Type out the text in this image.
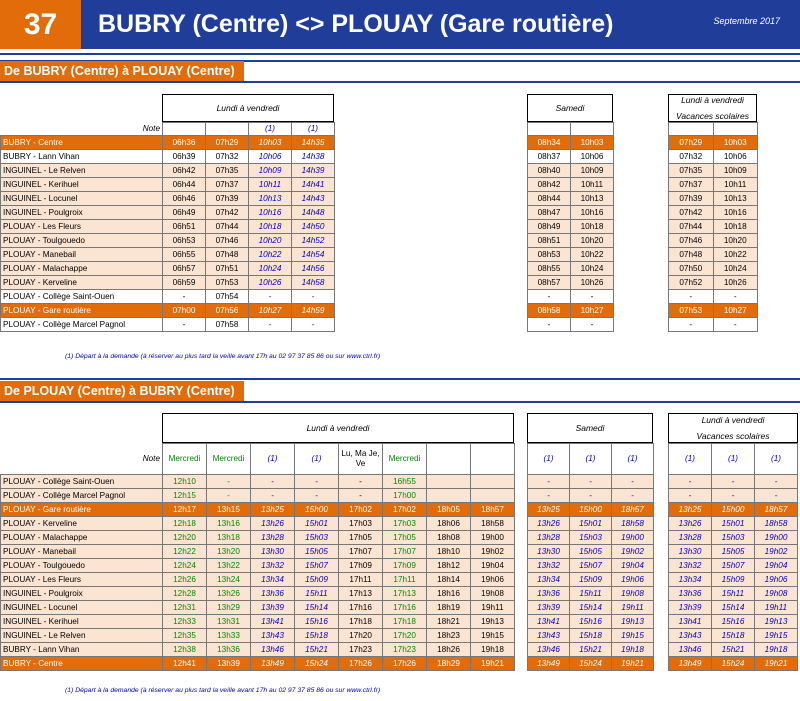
37	BUBRY (Centre) <> PLOUAY (Gare routière)	Septembre 2017
De BUBRY (Centre) à PLOUAY (Centre)
Lundi à vendredi	Samedi
Lundi à vendredi
Vacances scolaires
Note			(1)	(1)
BUBRY - Centre	06h36	07h29	10h03	14h35
BUBRY - Lann Vihan	06h39	07h32	10h06	14h38
INGUINEL - Le Relven	06h42	07h35	10h09	14h39
INGUINEL - Kerihuel	06h44	07h37	10h11	14h41
INGUINEL - Locunel	06h46	07h39	10h13	14h43
INGUINEL - Poulgroix	06h49	07h42	10h16	14h48
PLOUAY - Les Fleurs	06h51	07h44	10h18	14h50
PLOUAY - Toulgouedo	06h53	07h46	10h20	14h52
PLOUAY - Manebail	06h55	07h48	10h22	14h54
PLOUAY - Malachappe	06h57	07h51	10h24	14h56
PLOUAY - Kerveline	06h59	07h53	10h26	14h58
PLOUAY - Collège Saint-Ouen	-	07h54	-	-
PLOUAY - Gare routière	07h00	07h56	10h27	14h59
PLOUAY - Collège Marcel Pagnol	-	07h58	-	-

08h34	10h03
08h37	10h06
08h40	10h09
08h42	10h11
08h44	10h13
08h47	10h16
08h49	10h18
08h51	10h20
08h53	10h22
08h55	10h24
08h57	10h26
-	-
08h58	10h27
-	-

07h29	10h03
07h32	10h06
07h35	10h09
07h37	10h11
07h39	10h13
07h42	10h16
07h44	10h18
07h46	10h20
07h48	10h22
07h50	10h24
07h52	10h26
-	-
07h53	10h27
-	-
(1) Départ à la demande (à réserver au plus tard la veille avant 17h au 02 97 37 85 86 ou sur www.ctrl.fr)
De PLOUAY (Centre) à BUBRY (Centre)
Lundi à vendredi	Samedi
Lundi à vendredi
Vacances scolaires
Note	Mercredi	Mercredi	(1)	(1)	Lu, Ma Je, Ve	Mercredi		
PLOUAY - Collège Saint-Ouen	12h10	-	-	-	-	16h55		
PLOUAY - Collège Marcel Pagnol	12h15	-	-	-	-	17h00		
PLOUAY - Gare routière	12h17	13h15	13h25	15h00	17h02	17h02	18h05	18h57
PLOUAY - Kerveline	12h18	13h16	13h26	15h01	17h03	17h03	18h06	18h58
PLOUAY - Malachappe	12h20	13h18	13h28	15h03	17h05	17h05	18h08	19h00
PLOUAY - Manebail	12h22	13h20	13h30	15h05	17h07	17h07	18h10	19h02
PLOUAY - Toulgouedo	12h24	13h22	13h32	15h07	17h09	17h09	18h12	19h04
PLOUAY - Les Fleurs	12h26	13h24	13h34	15h09	17h11	17h11	18h14	19h06
INGUINEL - Poulgroix	12h28	13h26	13h36	15h11	17h13	17h13	18h16	19h08
INGUINEL - Locunel	12h31	13h29	13h39	15h14	17h16	17h16	18h19	19h11
INGUINEL - Kerihuel	12h33	13h31	13h41	15h16	17h18	17h18	18h21	19h13
INGUINEL - Le Relven	12h35	13h33	13h43	15h18	17h20	17h20	18h23	19h15
BUBRY - Lann Vihan	12h38	13h36	13h46	15h21	17h23	17h23	18h26	19h18
BUBRY - Centre	12h41	13h39	13h49	15h24	17h26	17h26	18h29	19h21
(1)	(1)	(1)
-	-	-
-	-	-
13h25	15h00	18h57
13h26	15h01	18h58
13h28	15h03	19h00
13h30	15h05	19h02
13h32	15h07	19h04
13h34	15h09	19h06
13h36	15h11	19h08
13h39	15h14	19h11
13h41	15h16	19h13
13h43	15h18	19h15
13h46	15h21	19h18
13h49	15h24	19h21
(1)	(1)	(1)
-	-	-
-	-	-
13h25	15h00	18h57
13h26	15h01	18h58
13h28	15h03	19h00
13h30	15h05	19h02
13h32	15h07	19h04
13h34	15h09	19h06
13h36	15h11	19h08
13h39	15h14	19h11
13h41	15h16	19h13
13h43	15h18	19h15
13h46	15h21	19h18
13h49	15h24	19h21
(1) Départ à la demande (à réserver au plus tard la veille avant 17h au 02 97 37 85 86 ou sur www.ctrl.fr)
